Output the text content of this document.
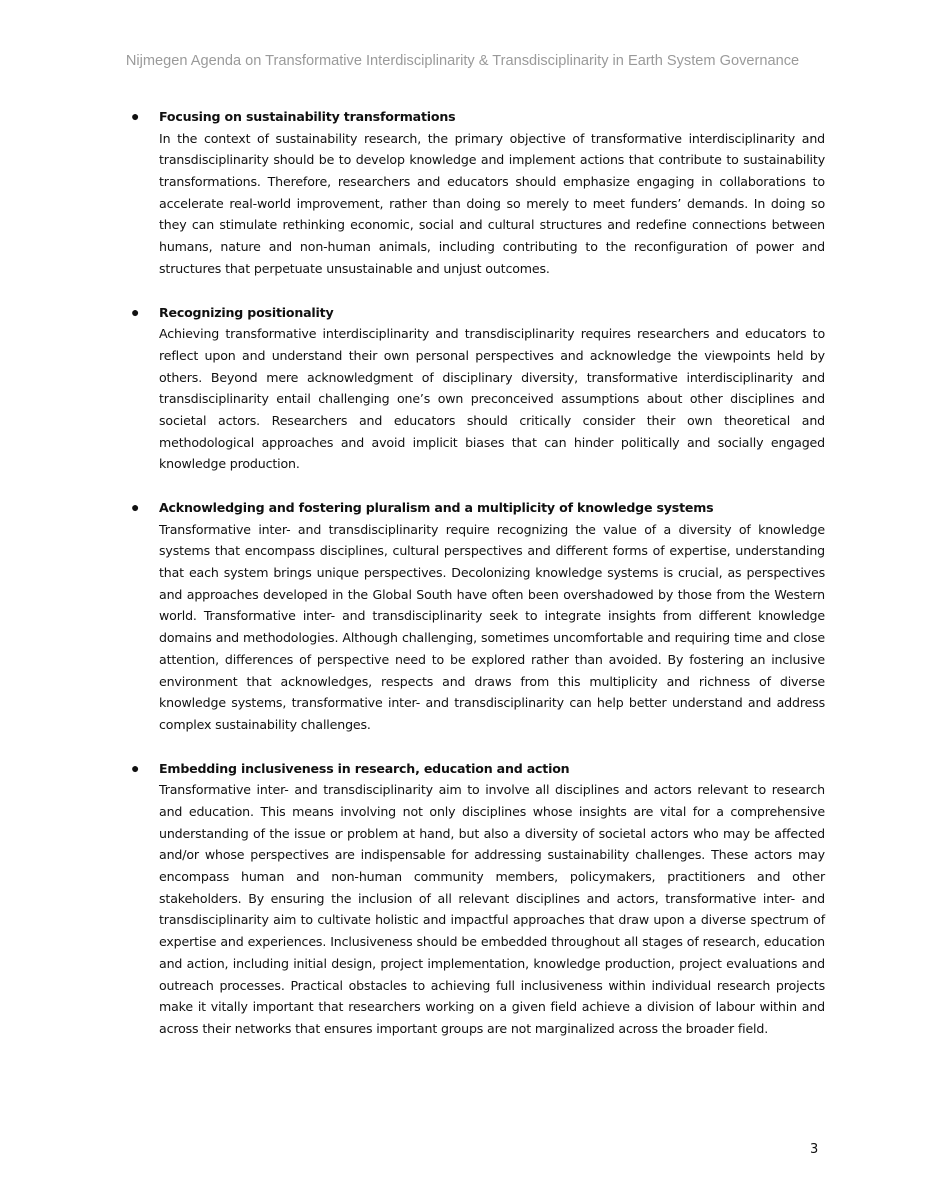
Nijmegen Agenda on Transformative Interdisciplinarity & Transdisciplinarity in Earth System Governance
● Focusing on sustainability transformations

In the context of sustainability research, the primary objective of transformative interdisciplinarity and transdisciplinarity should be to develop knowledge and implement actions that contribute to sustainability transformations. Therefore, researchers and educators should emphasize engaging in collaborations to accelerate real-world improvement, rather than doing so merely to meet funders’ demands. In doing so they can stimulate rethinking economic, social and cultural structures and redefine connections between humans, nature and non-human animals, including contributing to the reconfiguration of power and structures that perpetuate unsustainable and unjust outcomes.

● Recognizing positionality

Achieving transformative interdisciplinarity and transdisciplinarity requires researchers and educators to reflect upon and understand their own personal perspectives and acknowledge the viewpoints held by others. Beyond mere acknowledgment of disciplinary diversity, transformative interdisciplinarity and transdisciplinarity entail challenging one’s own preconceived assumptions about other disciplines and societal actors. Researchers and educators should critically consider their own theoretical and methodological approaches and avoid implicit biases that can hinder politically and socially engaged knowledge production.

● Acknowledging and fostering pluralism and a multiplicity of knowledge systems

Transformative inter- and transdisciplinarity require recognizing the value of a diversity of knowledge systems that encompass disciplines, cultural perspectives and different forms of expertise, understanding that each system brings unique perspectives. Decolonizing knowledge systems is crucial, as perspectives and approaches developed in the Global South have often been overshadowed by those from the Western world. Transformative inter- and transdisciplinarity seek to integrate insights from different knowledge domains and methodologies. Although challenging, sometimes uncomfortable and requiring time and close attention, differences of perspective need to be explored rather than avoided. By fostering an inclusive environment that acknowledges, respects and draws from this multiplicity and richness of diverse knowledge systems, transformative inter- and transdisciplinarity can help better understand and address complex sustainability challenges.

● Embedding inclusiveness in research, education and action

Transformative inter- and transdisciplinarity aim to involve all disciplines and actors relevant to research and education. This means involving not only disciplines whose insights are vital for a comprehensive understanding of the issue or problem at hand, but also a diversity of societal actors who may be affected and/or whose perspectives are indispensable for addressing sustainability challenges. These actors may encompass human and non-human community members, policymakers, practitioners and other stakeholders. By ensuring the inclusion of all relevant disciplines and actors, transformative inter- and transdisciplinarity aim to cultivate holistic and impactful approaches that draw upon a diverse spectrum of expertise and experiences. Inclusiveness should be embedded throughout all stages of research, education and action, including initial design, project implementation, knowledge production, project evaluations and outreach processes. Practical obstacles to achieving full inclusiveness within individual research projects make it vitally important that researchers working on a given field achieve a division of labour within and across their networks that ensures important groups are not marginalized across the broader field.

3
